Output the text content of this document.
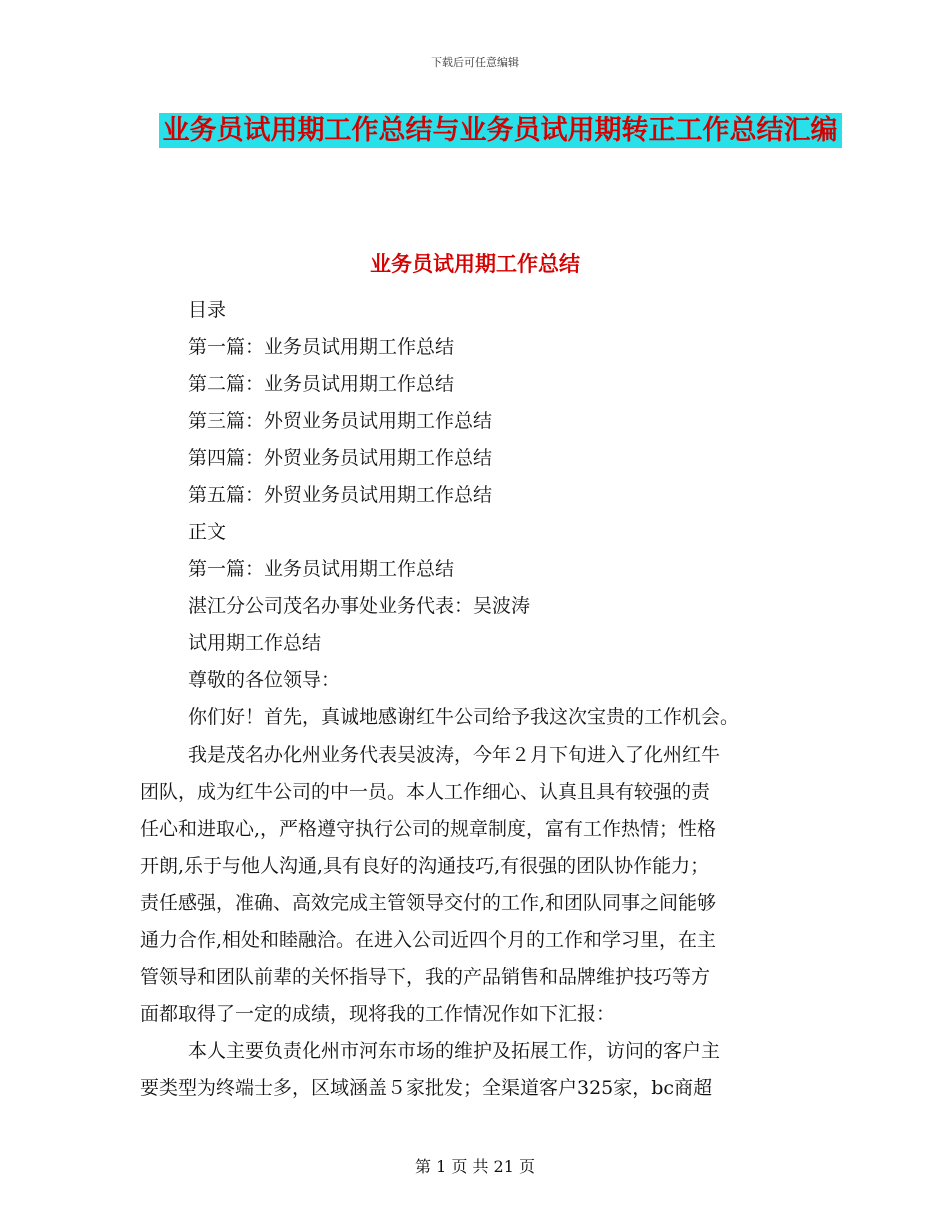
下载后可任意编辑
业务员试用期工作总结与业务员试用期转正工作总结汇编
业务员试用期工作总结

目录

第一篇：业务员试用期工作总结

第二篇：业务员试用期工作总结

第三篇：外贸业务员试用期工作总结

第四篇：外贸业务员试用期工作总结

第五篇：外贸业务员试用期工作总结

正文

第一篇：业务员试用期工作总结

湛江分公司茂名办事处业务代表：吴波涛

试用期工作总结

尊敬的各位领导：

你们好！首先，真诚地感谢红牛公司给予我这次宝贵的工作机会。

我是茂名办化州业务代表吴波涛，今年２月下旬进入了化州红牛

团队，成为红牛公司的中一员。本人工作细心、认真且具有较强的责

任心和进取心,，严格遵守执行公司的规章制度，富有工作热情；性格

开朗,乐于与他人沟通,具有良好的沟通技巧,有很强的团队协作能力；

责任感强，准确、高效完成主管领导交付的工作,和团队同事之间能够

通力合作,相处和睦融洽。在进入公司近四个月的工作和学习里，在主

管领导和团队前辈的关怀指导下，我的产品销售和品牌维护技巧等方

面都取得了一定的成绩，现将我的工作情况作如下汇报：

本人主要负责化州市河东市场的维护及拓展工作，访问的客户主

要类型为终端士多，区域涵盖５家批发；全渠道客户325家，bc商超

第 1 页 共 21 页
